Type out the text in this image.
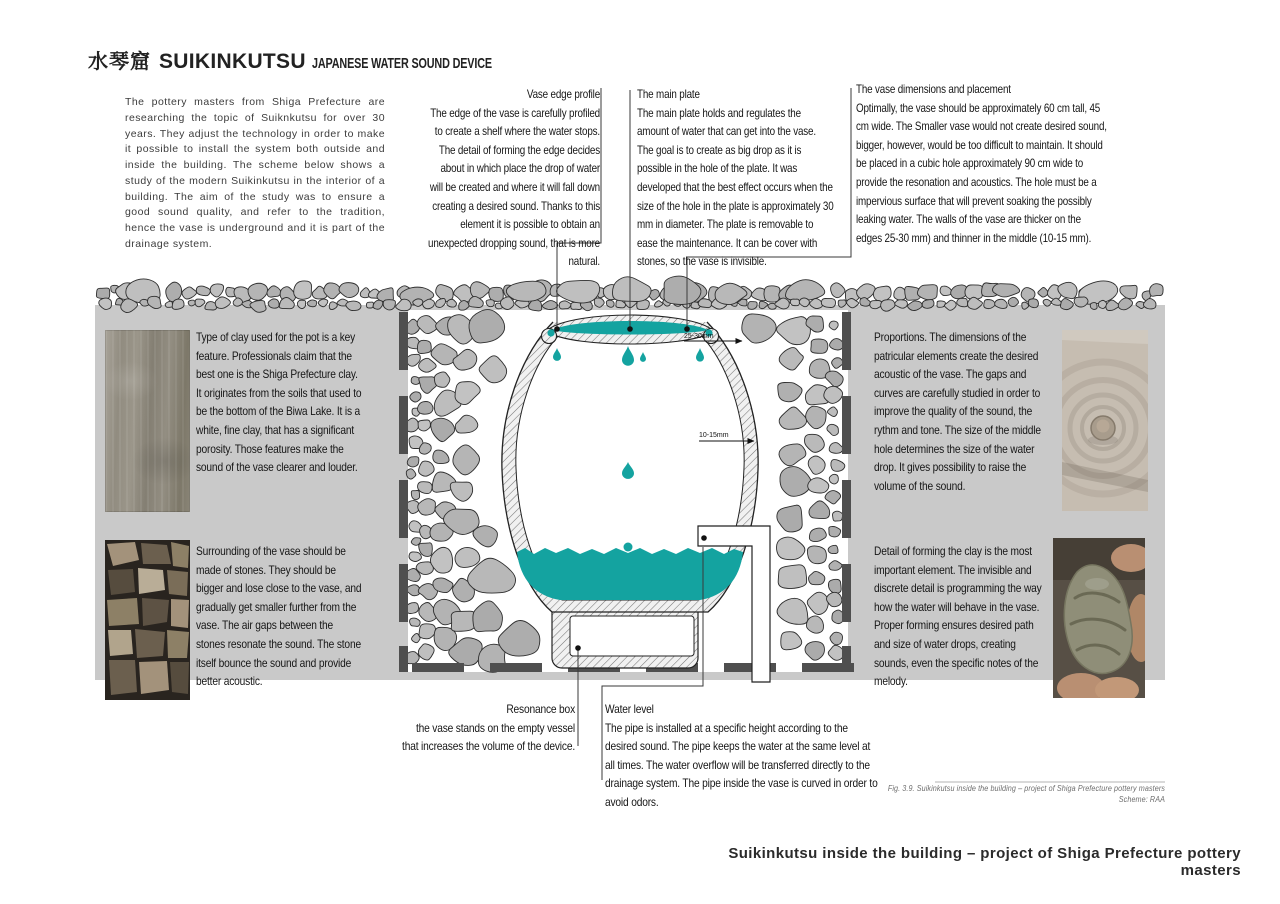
水琴窟 SUIKINKUTSU JAPANESE WATER SOUND DEVICE
The pottery masters from Shiga Prefecture are researching the topic of Suiknkutsu for over 30 years. They adjust the technology in order to make it possible to install the system both outside and inside the building. The scheme below shows a study of the modern Suikinkutsu in the interior of a building. The aim of the study was to ensure a good sound quality, and refer to the tradition, hence the vase is underground and it is part of the drainage system.
25-30mm
10-15mm
Vase edge profile
The edge of the vase is carefully profiled to create a shelf where the water stops. The detail of forming the edge decides about in which place the drop of water will be created and where it will fall down creating a desired sound. Thanks to this element it is possible to obtain an unexpected dropping sound, that is more natural.
The main plate
The main plate holds and regulates the amount of water that can get into the vase. The goal is to create as big drop as it is possible in the hole of the plate. It was developed that the best effect occurs when the size of the hole in the plate is approximately 30 mm in diameter. The plate is removable to ease the maintenance. It can be cover with stones, so the vase is invisible.
The vase dimensions and placement
Optimally, the vase should be approximately 60 cm tall, 45 cm wide. The Smaller vase would not create desired sound, bigger, however, would be too difficult to maintain. It should be placed in a cubic hole approximately 90 cm wide to provide the resonation and acoustics. The hole must be a impervious surface that will prevent soaking the possibly leaking water. The walls of the vase are thicker on the edges 25-30 mm) and thinner in the middle (10-15 mm).
Type of clay used for the pot is a key feature. Professionals claim that the best one is the Shiga Prefecture clay. It originates from the soils that used to be the bottom of the Biwa Lake. It is a white, fine clay, that has a significant porosity. Those features make the sound of the vase clearer and louder.
Surrounding of the vase should be made of stones. They should be bigger and lose close to the vase, and gradually get smaller further from the vase. The air gaps between the stones resonate the sound. The stone itself bounce the sound and provide better acoustic.
Proportions. The dimensions of the patricular elements create the desired acoustic of the vase. The gaps and curves are carefully studied in order to improve the quality of the sound, the rythm and tone. The size of the middle hole determines the size of the water drop. It gives possibility to raise the volume of the sound.
Detail of forming the clay is the most important element. The invisible and discrete detail is programming the way how the water will behave in the vase. Proper forming ensures desired path and size of water drops, creating sounds, even the specific notes of the melody.
Resonance box
the vase stands on the empty vessel that increases the volume of the device.
Water level
The pipe is installed at a specific height according to the desired sound. The pipe keeps the water at the same level at all times. The water overflow will be transferred directly to the drainage system. The pipe inside the vase is curved in order to avoid odors.
Fig. 3.9. Suikinkutsu inside the building – project of Shiga Prefecture pottery masters
Scheme: RAA
Suikinkutsu inside the building – project of Shiga Prefecture pottery masters
